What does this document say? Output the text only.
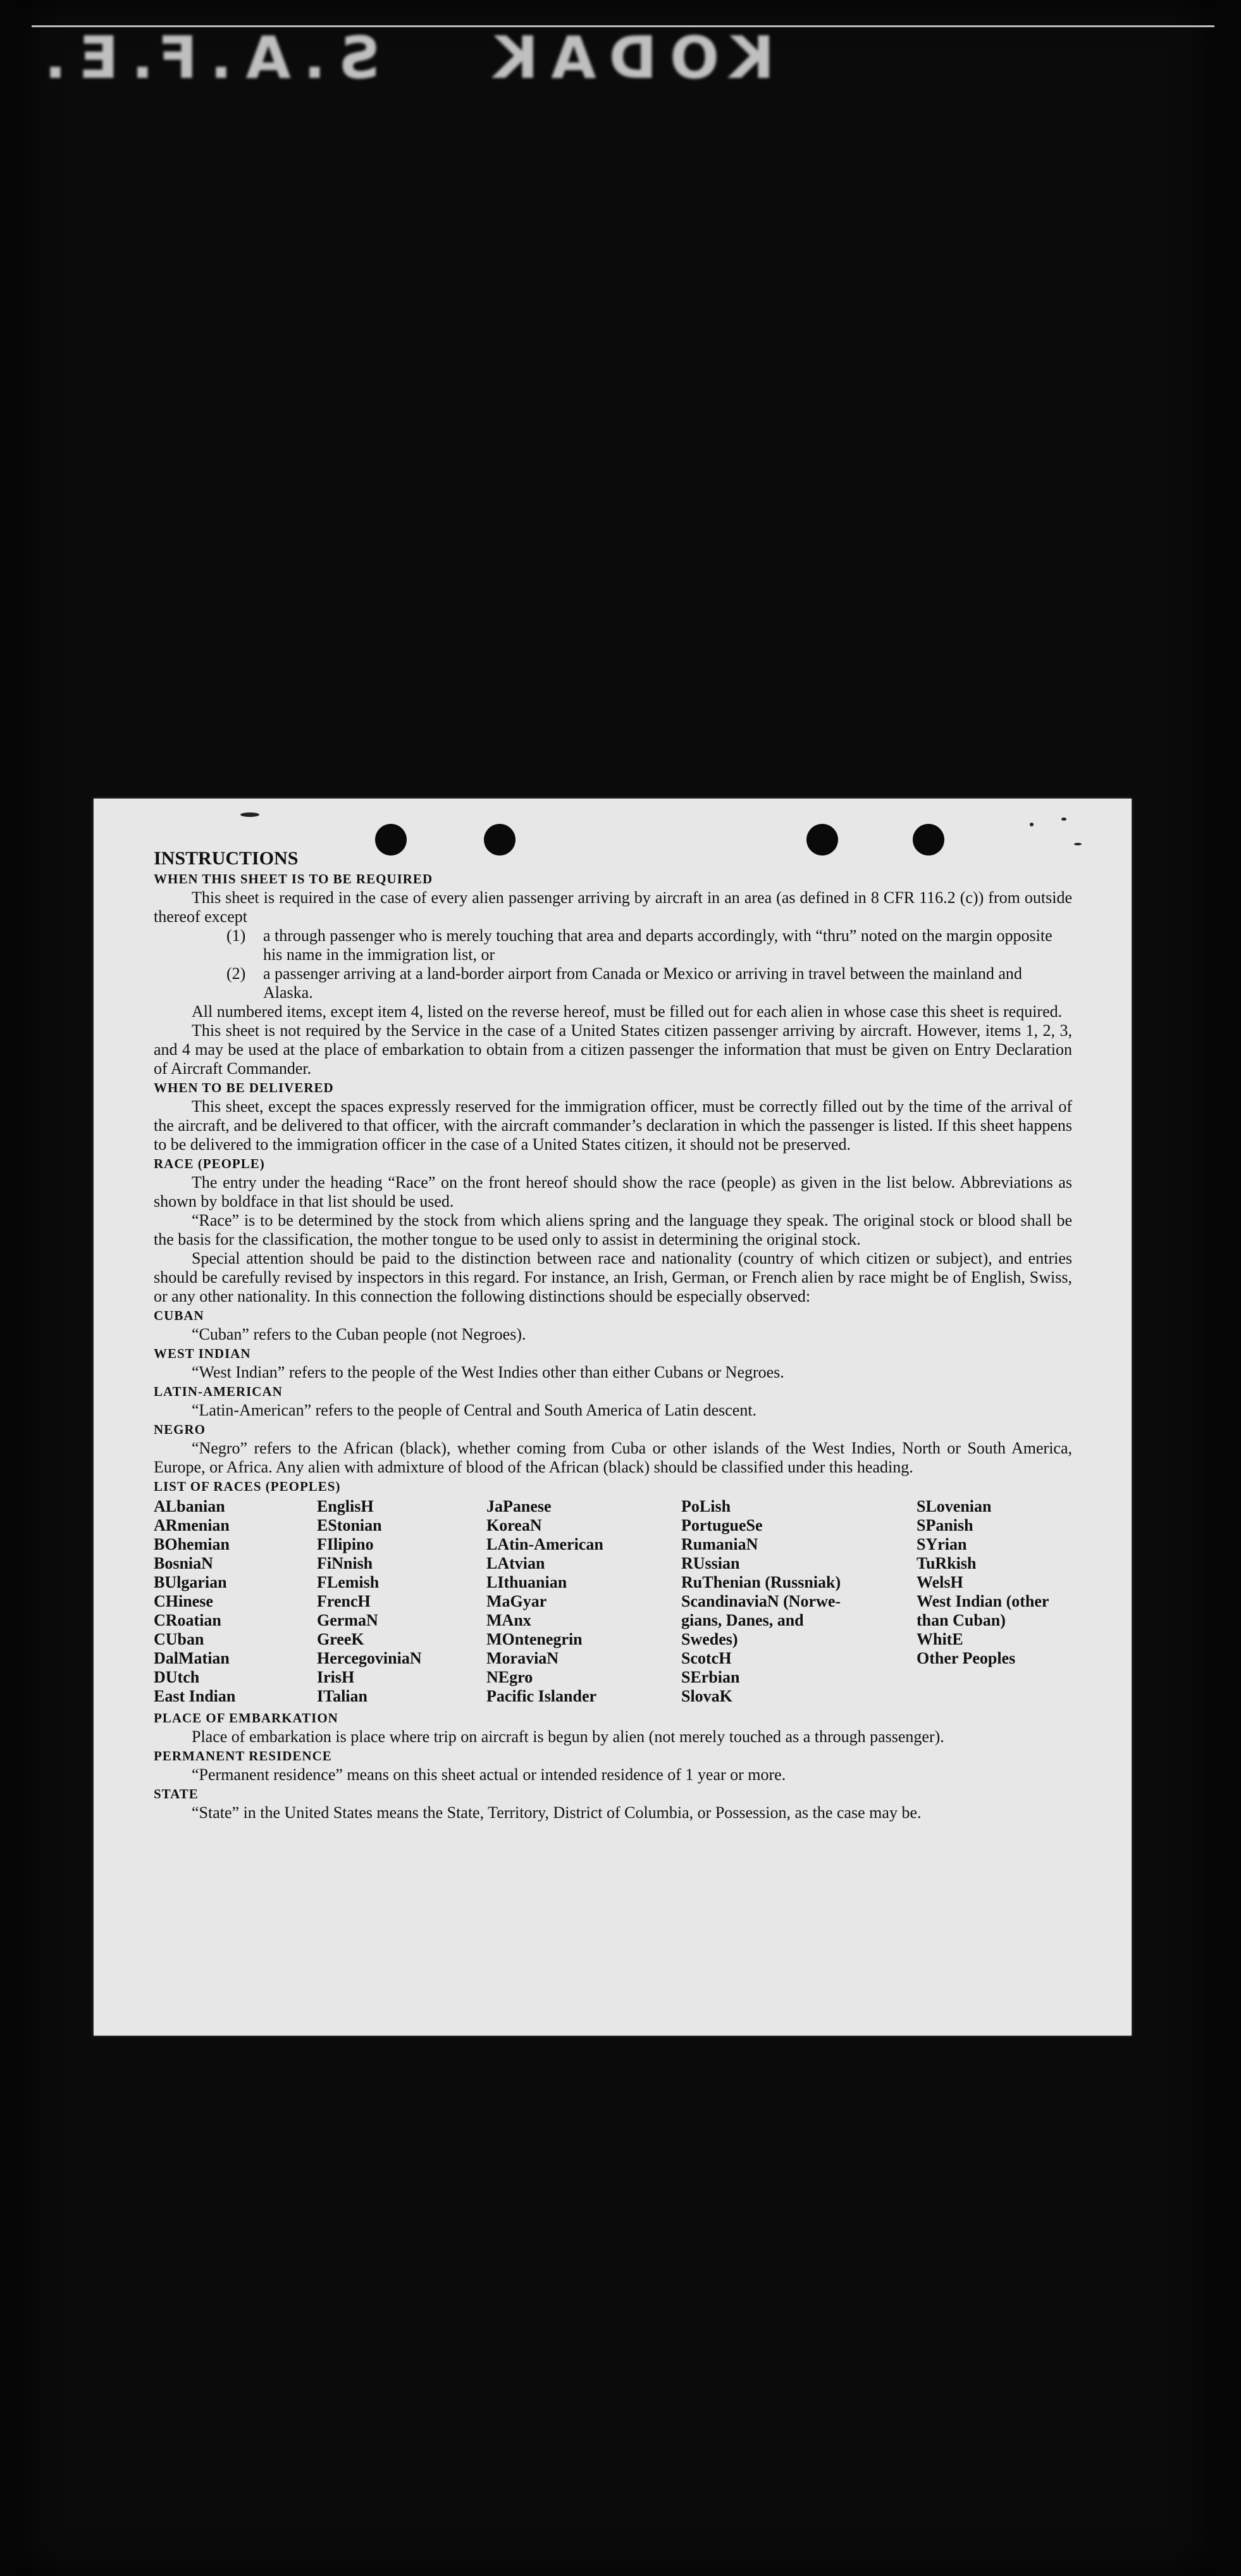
S.A.F.E. KODAK

INSTRUCTIONS

WHEN THIS SHEET IS TO BE REQUIRED

This sheet is required in the case of every alien passenger arriving by aircraft in an area (as defined in 8 CFR 116.2 (c)) from outside thereof except

(1)	a through passenger who is merely touching that area and departs accordingly, with “thru” noted on the margin opposite his name in the immigration list, or
(2)	a passenger arriving at a land-border airport from Canada or Mexico or arriving in travel between the mainland and Alaska.

All numbered items, except item 4, listed on the reverse hereof, must be filled out for each alien in whose case this sheet is required.

This sheet is not required by the Service in the case of a United States citizen passenger arriving by aircraft. However, items 1, 2, 3, and 4 may be used at the place of embarkation to obtain from a citizen passenger the information that must be given on Entry Declaration of Aircraft Commander.

WHEN TO BE DELIVERED

This sheet, except the spaces expressly reserved for the immigration officer, must be correctly filled out by the time of the arrival of the aircraft, and be delivered to that officer, with the aircraft commander’s declaration in which the passenger is listed. If this sheet happens to be delivered to the immigration officer in the case of a United States citizen, it should not be preserved.

RACE (PEOPLE)

The entry under the heading “Race” on the front hereof should show the race (people) as given in the list below. Abbreviations as shown by boldface in that list should be used.

“Race” is to be determined by the stock from which aliens spring and the language they speak. The original stock or blood shall be the basis for the classification, the mother tongue to be used only to assist in determining the original stock.

Special attention should be paid to the distinction between race and nationality (country of which citizen or subject), and entries should be carefully revised by inspectors in this regard. For instance, an Irish, German, or French alien by race might be of English, Swiss, or any other nationality. In this connection the following distinctions should be especially observed:

CUBAN

“Cuban” refers to the Cuban people (not Negroes).

WEST INDIAN

“West Indian” refers to the people of the West Indies other than either Cubans or Negroes.

LATIN-AMERICAN

“Latin-American” refers to the people of Central and South America of Latin descent.

NEGRO

“Negro” refers to the African (black), whether coming from Cuba or other islands of the West Indies, North or South America, Europe, or Africa. Any alien with admixture of blood of the African (black) should be classified under this heading.

LIST OF RACES (PEOPLES)

ALbanian
ARmenian
BOhemian
BosniaN
BUlgarian
CHinese
CRoatian
CUban
DalMatian
DUtch
East Indian
EnglisH
EStonian
FIlipino
FiNnish
FLemish
FrencH
GermaN
GreeK
HercegoviniaN
IrisH
ITalian
JaPanese
KoreaN
LAtin-American
LAtvian
LIthuanian
MaGyar
MAnx
MOntenegrin
MoraviaN
NEgro
Pacific Islander
PoLish
PortugueSe
RumaniaN
RUssian
RuThenian (Russniak)
ScandinaviaN (Norwe-
gians, Danes, and
Swedes)
ScotcH
SErbian
SlovaK
SLovenian
SPanish
SYrian
TuRkish
WelsH
West Indian (other
than Cuban)
WhitE
Other Peoples

PLACE OF EMBARKATION

Place of embarkation is place where trip on aircraft is begun by alien (not merely touched as a through passenger).

PERMANENT RESIDENCE

“Permanent residence” means on this sheet actual or intended residence of 1 year or more.

STATE

“State” in the United States means the State, Territory, District of Columbia, or Possession, as the case may be.
